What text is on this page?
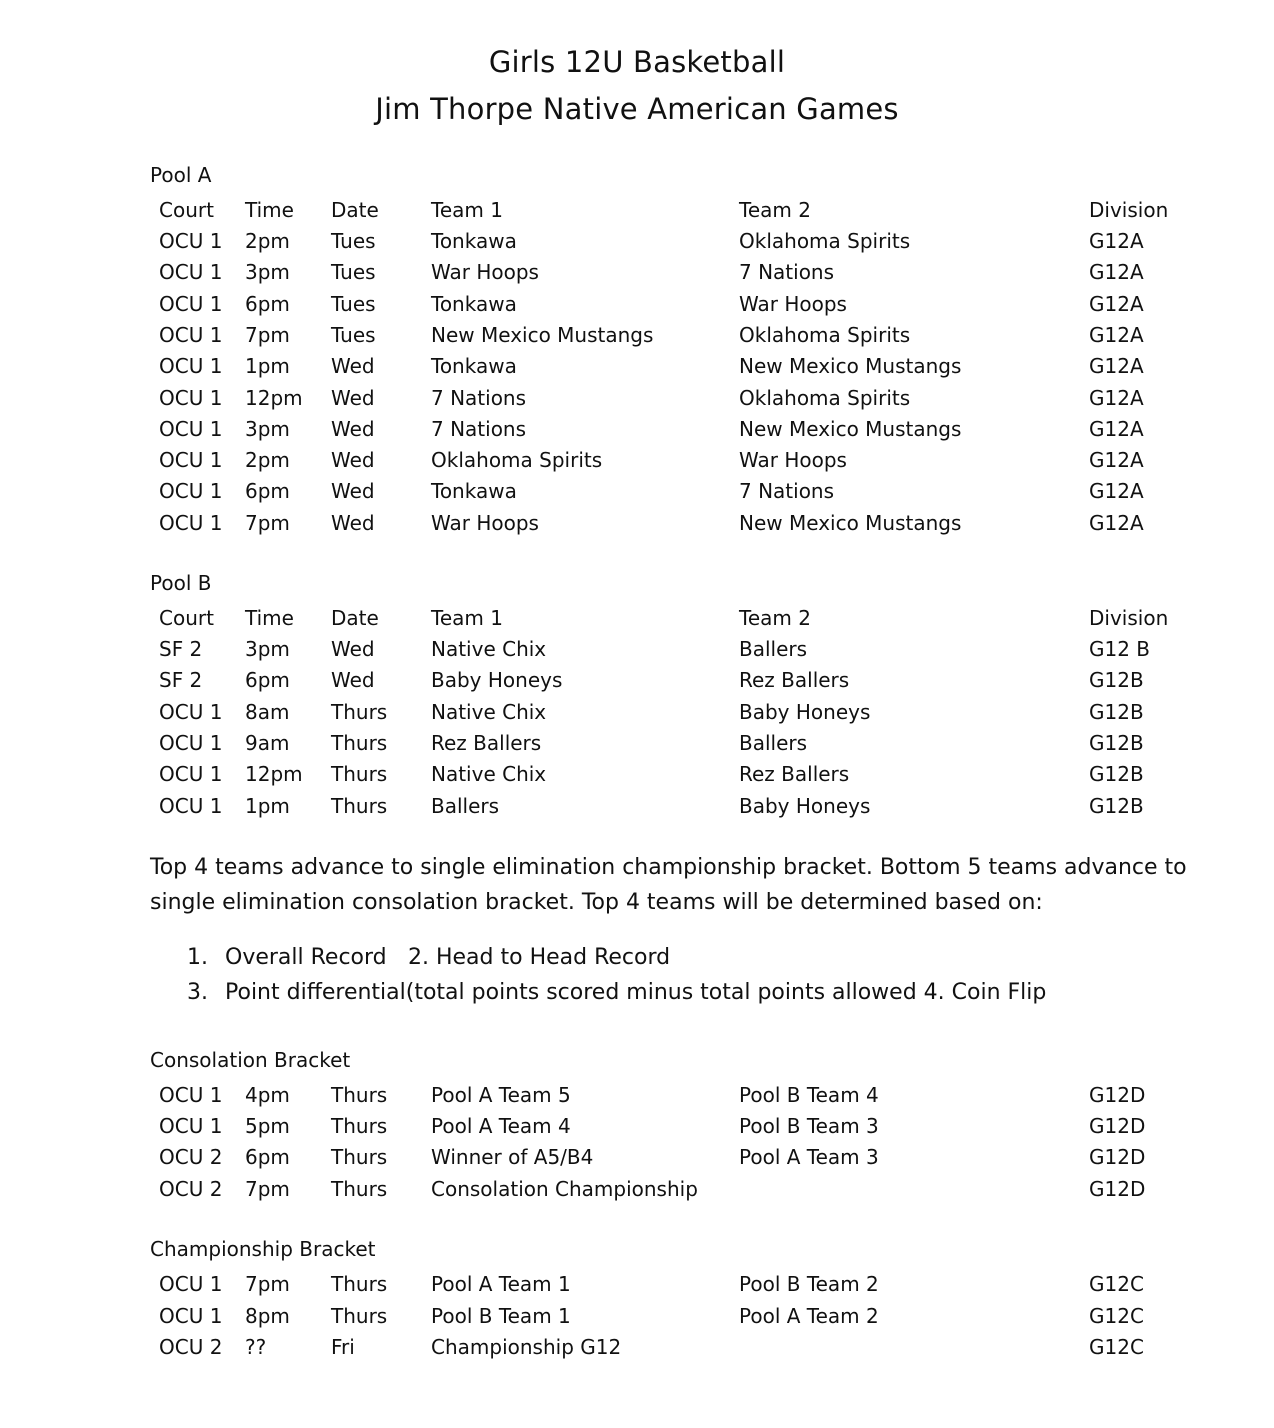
Girls 12U Basketball
Jim Thorpe Native American Games
Pool A
Court Time Date	Team 1	Team 2	Division
OCU 1 2pm Tues	Tonkawa	Oklahoma Spirits	G12A
OCU 1 3pm Tues	War Hoops	7 Nations	G12A
OCU 1 6pm Tues	Tonkawa	War Hoops	G12A
OCU 1 7pm Tues	New Mexico Mustangs	Oklahoma Spirits	G12A
OCU 1 1pm Wed	Tonkawa	New Mexico Mustangs	G12A
OCU 1 12pm Wed	7 Nations	Oklahoma Spirits	G12A
OCU 1 3pm Wed	7 Nations	New Mexico Mustangs	G12A
OCU 1 2pm Wed	Oklahoma Spirits	War Hoops	G12A
OCU 1 6pm Wed	Tonkawa	7 Nations	G12A
OCU 1 7pm Wed	War Hoops	New Mexico Mustangs	G12A
Pool B
Court Time Date	Team 1	Team 2	Division
SF 2 3pm Wed	Native Chix	Ballers	G12 B
SF 2 6pm Wed	Baby Honeys	Rez Ballers	G12B
OCU 1 8am Thurs Native Chix	Baby Honeys	G12B
OCU 1 9am Thurs Rez Ballers	Ballers	G12B
OCU 1 12pm Thurs Native Chix	Rez Ballers	G12B
OCU 1 1pm Thurs Ballers	Baby Honeys	G12B
Top 4 teams advance to single elimination championship bracket. Bottom 5 teams advance to
single elimination consolation bracket. Top 4 teams will be determined based on:
1. Overall Record 2. Head to Head Record
3. Point differential(total points scored minus total points allowed 4. Coin Flip
Consolation Bracket
OCU 1 4pm Thurs Pool A Team 5	Pool B Team 4	G12D
OCU 1 5pm Thurs Pool A Team 4	Pool B Team 3	G12D
OCU 2 6pm Thurs Winner of A5/B4	Pool A Team 3	G12D
OCU 2 7pm Thurs Consolation Championship	G12D
Championship Bracket
OCU 1 7pm Thurs Pool A Team 1	Pool B Team 2	G12C
OCU 1 8pm Thurs Pool B Team 1	Pool A Team 2	G12C
OCU 2 ??	Fri	Championship G12	G12C
